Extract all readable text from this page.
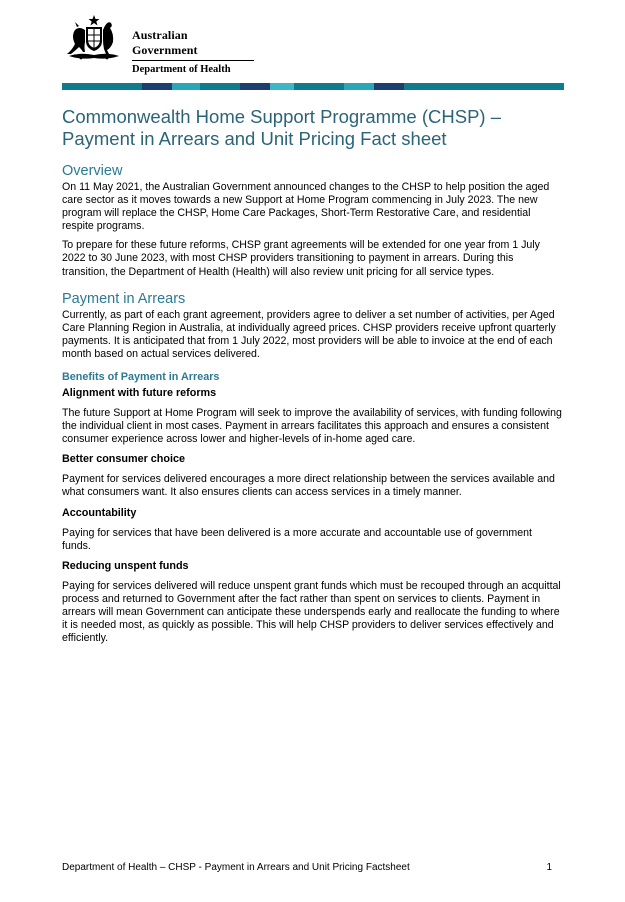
Australian Government
Department of Health
Commonwealth Home Support Programme (CHSP) – Payment in Arrears and Unit Pricing Fact sheet
Overview

On 11 May 2021, the Australian Government announced changes to the CHSP to help position the aged care sector as it moves towards a new Support at Home Program commencing in July 2023. The new program will replace the CHSP, Home Care Packages, Short-Term Restorative Care, and residential respite programs.

To prepare for these future reforms, CHSP grant agreements will be extended for one year from 1 July 2022 to 30 June 2023, with most CHSP providers transitioning to payment in arrears. During this transition, the Department of Health (Health) will also review unit pricing for all service types.

Payment in Arrears

Currently, as part of each grant agreement, providers agree to deliver a set number of activities, per Aged Care Planning Region in Australia, at individually agreed prices. CHSP providers receive upfront quarterly payments. It is anticipated that from 1 July 2022, most providers will be able to invoice at the end of each month based on actual services delivered.

Benefits of Payment in Arrears
Alignment with future reforms

The future Support at Home Program will seek to improve the availability of services, with funding following the individual client in most cases. Payment in arrears facilitates this approach and ensures a consistent consumer experience across lower and higher-levels of in-home aged care.

Better consumer choice

Payment for services delivered encourages a more direct relationship between the services available and what consumers want. It also ensures clients can access services in a timely manner.

Accountability

Paying for services that have been delivered is a more accurate and accountable use of government funds.

Reducing unspent funds

Paying for services delivered will reduce unspent grant funds which must be recouped through an acquittal process and returned to Government after the fact rather than spent on services to clients. Payment in arrears will mean Government can anticipate these underspends early and reallocate the funding to where it is needed most, as quickly as possible. This will help CHSP providers to deliver services effectively and efficiently.

Department of Health – CHSP - Payment in Arrears and Unit Pricing Factsheet	1
